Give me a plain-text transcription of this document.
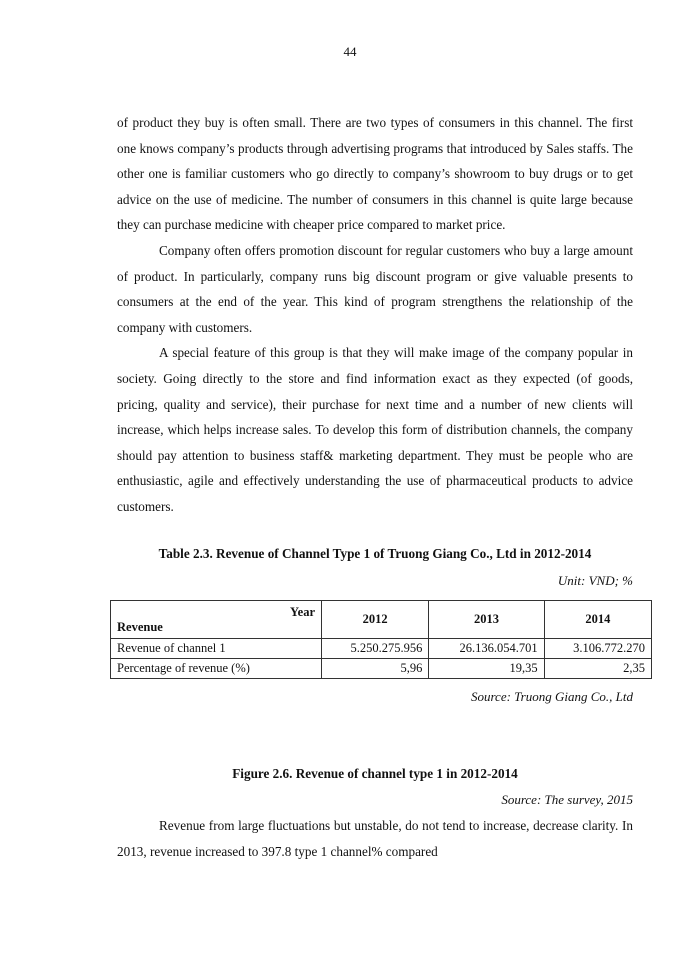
44

of product they buy is often small. There are two types of consumers in this channel. The first one knows company’s products through advertising programs that introduced by Sales staffs. The other one is familiar customers who go directly to company’s showroom to buy drugs or to get advice on the use of medicine. The number of consumers in this channel is quite large because they can purchase medicine with cheaper price compared to market price.

Company often offers promotion discount for regular customers who buy a large amount of product. In particularly, company runs big discount program or give valuable presents to consumers at the end of the year. This kind of program strengthens the relationship of the company with customers.

A special feature of this group is that they will make image of the company popular in society. Going directly to the store and find information exact as they expected (of goods, pricing, quality and service), their purchase for next time and a number of new clients will increase, which helps increase sales. To develop this form of distribution channels, the company should pay attention to business staff& marketing department. They must be people who are enthusiastic, agile and effectively understanding the use of pharmaceutical products to advice customers.

Table 2.3. Revenue of Channel Type 1 of Truong Giang Co., Ltd in 2012-2014
Unit: VND; %
Year
Revenue	2012	2013	2014
Revenue of channel 1	5.250.275.956	26.136.054.701	3.106.772.270
Percentage of revenue (%)	5,96	19,35	2,35
Source: Truong Giang Co., Ltd
Figure 2.6. Revenue of channel type 1 in 2012-2014
Source: The survey, 2015

Revenue from large fluctuations but unstable, do not tend to increase, decrease clarity. In 2013, revenue increased to 397.8 type 1 channel% compared
